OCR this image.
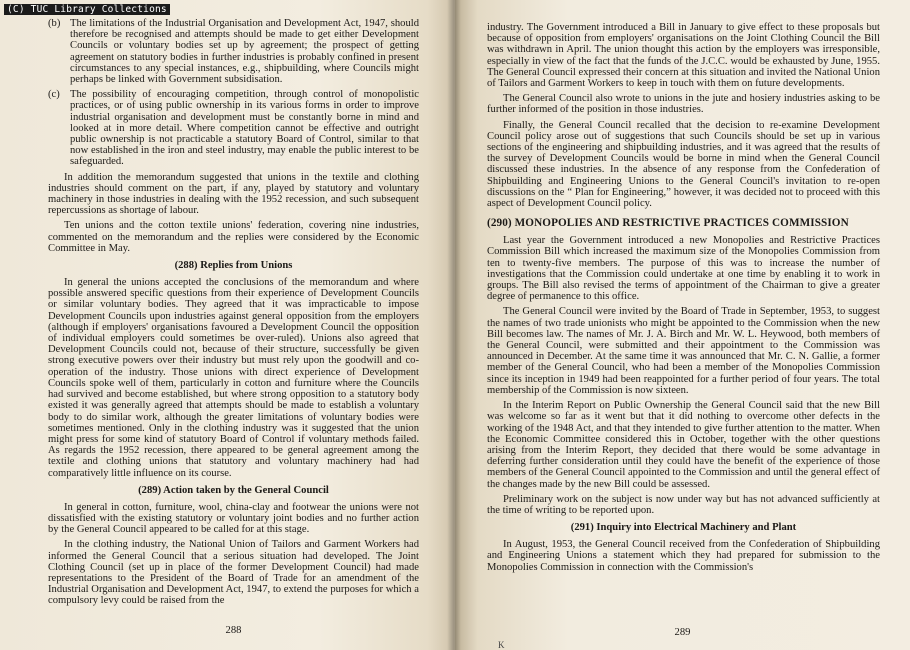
(b) The limitations of the Industrial Organisation and Development Act, 1947, should therefore be recognised and attempts should be made to get either Development Councils or voluntary bodies set up by agreement; the prospect of getting agreement on statutory bodies in further industries is probably confined in present circumstances to any special instances, e.g., shipbuilding, where Councils might perhaps be linked with Government subsidisation.

(c) The possibility of encouraging competition, through control of monopolistic practices, or of using public ownership in its various forms in order to improve industrial organisation and development must be constantly borne in mind and looked at in more detail. Where competition cannot be effective and outright public ownership is not practicable a statutory Board of Control, similar to that now established in the iron and steel industry, may enable the public interest to be safeguarded.

In addition the memorandum suggested that unions in the textile and clothing industries should comment on the part, if any, played by statutory and voluntary machinery in those industries in dealing with the 1952 recession, and such subsequent repercussions as shortage of labour.

Ten unions and the cotton textile unions' federation, covering nine industries, commented on the memorandum and the replies were considered by the Economic Committee in May.

(288) Replies from Unions

In general the unions accepted the conclusions of the memorandum and where possible answered specific questions from their experience of Development Councils or similar voluntary bodies. They agreed that it was impracticable to impose Development Councils upon industries against general opposition from the employers (although if employers' organisations favoured a Development Council the opposition of individual employers could sometimes be over-ruled). Unions also agreed that Development Councils could not, because of their structure, successfully be given strong executive powers over their industry but must rely upon the goodwill and co-operation of the industry. Those unions with direct experience of Development Councils spoke well of them, particularly in cotton and furniture where the Councils had survived and become established, but where strong opposition to a statutory body existed it was generally agreed that attempts should be made to establish a voluntary body to do similar work, although the greater limitations of voluntary bodies were sometimes mentioned. Only in the clothing industry was it suggested that the union might press for some kind of statutory Board of Control if voluntary methods failed. As regards the 1952 recession, there appeared to be general agreement among the textile and clothing unions that statutory and voluntary machinery had had comparatively little influence on its course.

(289) Action taken by the General Council

In general in cotton, furniture, wool, china-clay and footwear the unions were not dissatisfied with the existing statutory or voluntary joint bodies and no further action by the General Council appeared to be called for at this stage.

In the clothing industry, the National Union of Tailors and Garment Workers had informed the General Council that a serious situation had developed. The Joint Clothing Council (set up in place of the former Development Council) had made representations to the President of the Board of Trade for an amendment of the Industrial Organisation and Development Act, 1947, to extend the purposes for which a compulsory levy could be raised from the

288

industry. The Government introduced a Bill in January to give effect to these proposals but because of opposition from employers' organisations on the Joint Clothing Council the Bill was withdrawn in April. The union thought this action by the employers was irresponsible, especially in view of the fact that the funds of the J.C.C. would be exhausted by June, 1955. The General Council expressed their concern at this situation and invited the National Union of Tailors and Garment Workers to keep in touch with them on future developments.

The General Council also wrote to unions in the jute and hosiery industries asking to be further informed of the position in those industries.

Finally, the General Council recalled that the decision to re-examine Development Council policy arose out of suggestions that such Councils should be set up in various sections of the engineering and shipbuilding industries, and it was agreed that the results of the survey of Development Councils would be borne in mind when the General Council discussed these industries. In the absence of any response from the Confederation of Shipbuilding and Engineering Unions to the General Council's invitation to re-open discussions on the “ Plan for Engineering,” however, it was decided not to proceed with this aspect of Development Council policy.

(290) MONOPOLIES AND RESTRICTIVE PRACTICES COMMISSION

Last year the Government introduced a new Monopolies and Restrictive Practices Commission Bill which increased the maximum size of the Monopolies Commission from ten to twenty-five members. The purpose of this was to increase the number of investigations that the Commission could undertake at one time by enabling it to work in groups. The Bill also revised the terms of appointment of the Chairman to give a greater degree of permanence to this office.

The General Council were invited by the Board of Trade in September, 1953, to suggest the names of two trade unionists who might be appointed to the Commission when the new Bill becomes law. The names of Mr. J. A. Birch and Mr. W. L. Heywood, both members of the General Council, were submitted and their appointment to the Commission was announced in December. At the same time it was announced that Mr. C. N. Gallie, a former member of the General Council, who had been a member of the Monopolies Commission since its inception in 1949 had been reappointed for a further period of four years. The total membership of the Commission is now sixteen.

In the Interim Report on Public Ownership the General Council said that the new Bill was welcome so far as it went but that it did nothing to overcome other defects in the working of the 1948 Act, and that they intended to give further attention to the matter. When the Economic Committee considered this in October, together with the other questions arising from the Interim Report, they decided that there would be some advantage in deferring further consideration until they could have the benefit of the experience of those members of the General Council appointed to the Commission and until the general effect of the changes made by the new Bill could be assessed.

Preliminary work on the subject is now under way but has not advanced sufficiently at the time of writing to be reported upon.

(291) Inquiry into Electrical Machinery and Plant

In August, 1953, the General Council received from the Confederation of Shipbuilding and Engineering Unions a statement which they had prepared for submission to the Monopolies Commission in connection with the Commission's

289
K
(C) TUC Library Collections
